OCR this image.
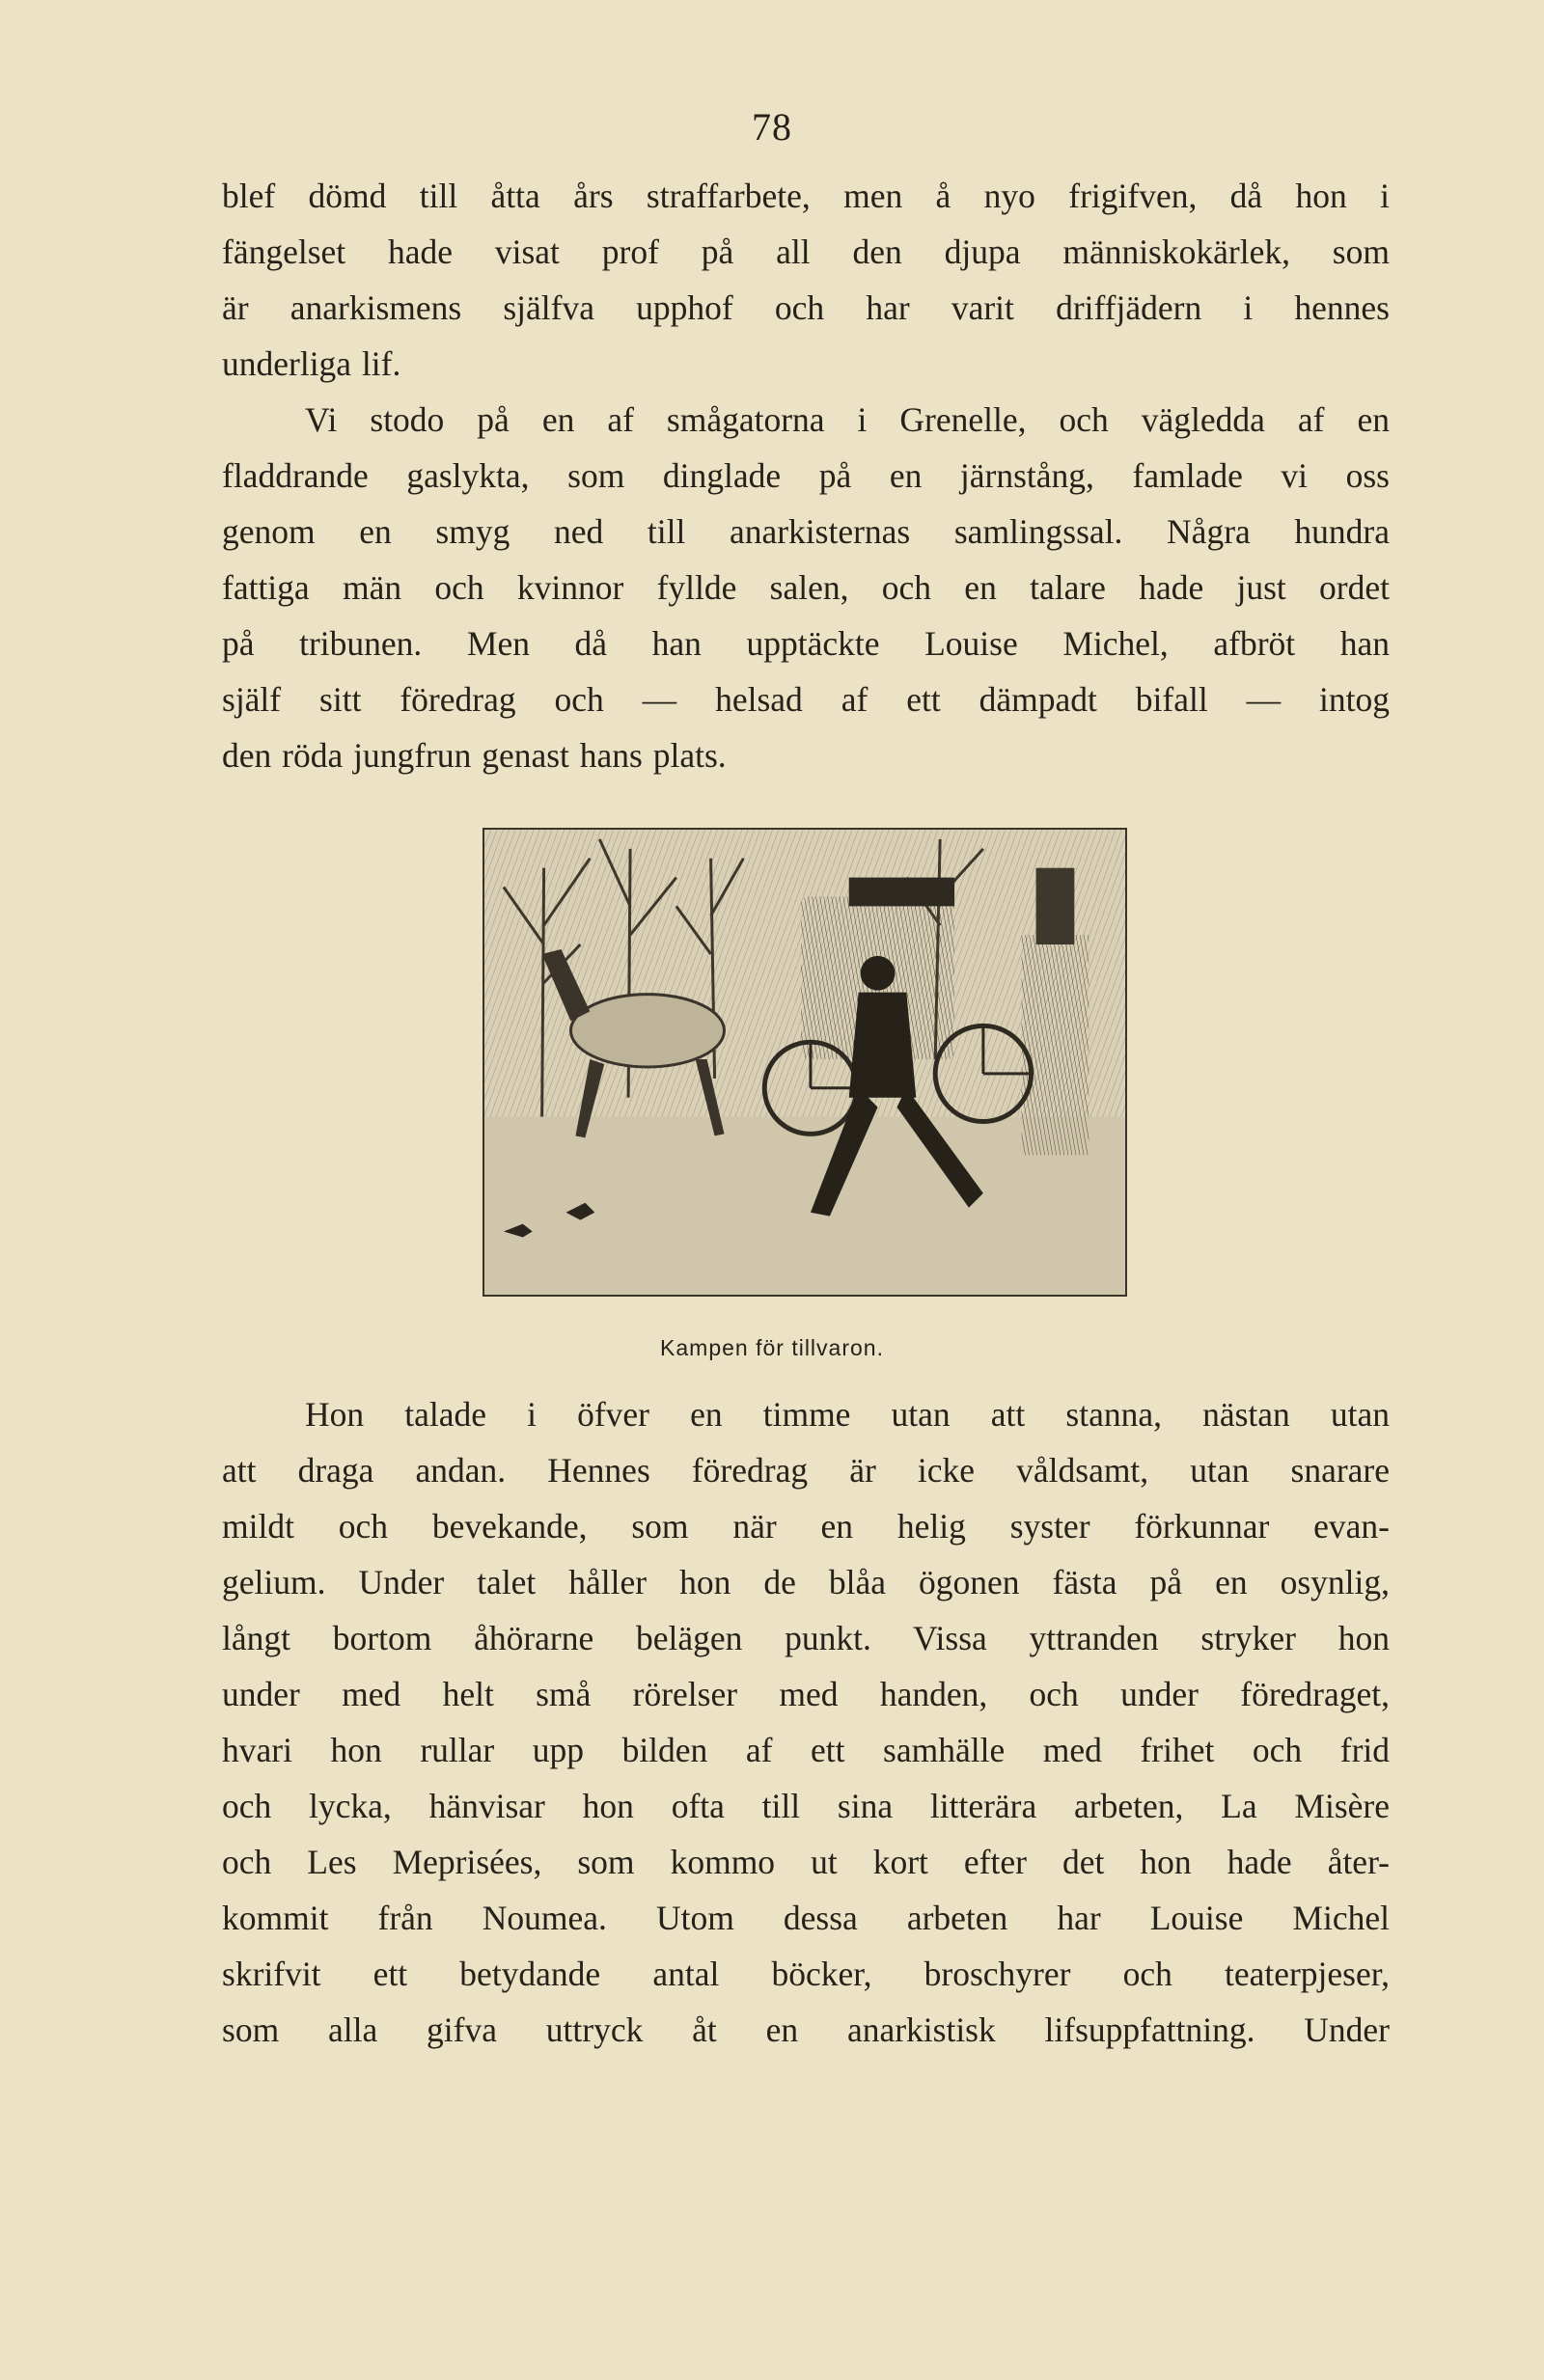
78
blef dömd till åtta års straffarbete, men å nyo frigifven, då hon i
fängelset hade visat prof på all den djupa människokärlek, som
är anarkismens själfva upphof och har varit driffjädern i hennes
underliga lif.
Vi stodo på en af smågatorna i Grenelle, och vägledda af en
fladdrande gaslykta, som dinglade på en järnstång, famlade vi oss
genom en smyg ned till anarkisternas samlingssal. Några hundra
fattiga män och kvinnor fyllde salen, och en talare hade just ordet
på tribunen. Men då han upptäckte Louise Michel, afbröt han
själf sitt föredrag och — helsad af ett dämpadt bifall — intog
den röda jungfrun genast hans plats.
Kampen för tillvaron.
Hon talade i öfver en timme utan att stanna, nästan utan
att draga andan. Hennes föredrag är icke våldsamt, utan snarare
mildt och bevekande, som när en helig syster förkunnar evan-
gelium. Under talet håller hon de blåa ögonen fästa på en osynlig,
långt bortom åhörarne belägen punkt. Vissa yttranden stryker hon
under med helt små rörelser med handen, och under föredraget,
hvari hon rullar upp bilden af ett samhälle med frihet och frid
och lycka, hänvisar hon ofta till sina litterära arbeten, La Misère
och Les Meprisées, som kommo ut kort efter det hon hade åter-
kommit från Noumea. Utom dessa arbeten har Louise Michel
skrifvit ett betydande antal böcker, broschyrer och teaterpjeser,
som alla gifva uttryck åt en anarkistisk lifsuppfattning. Under
